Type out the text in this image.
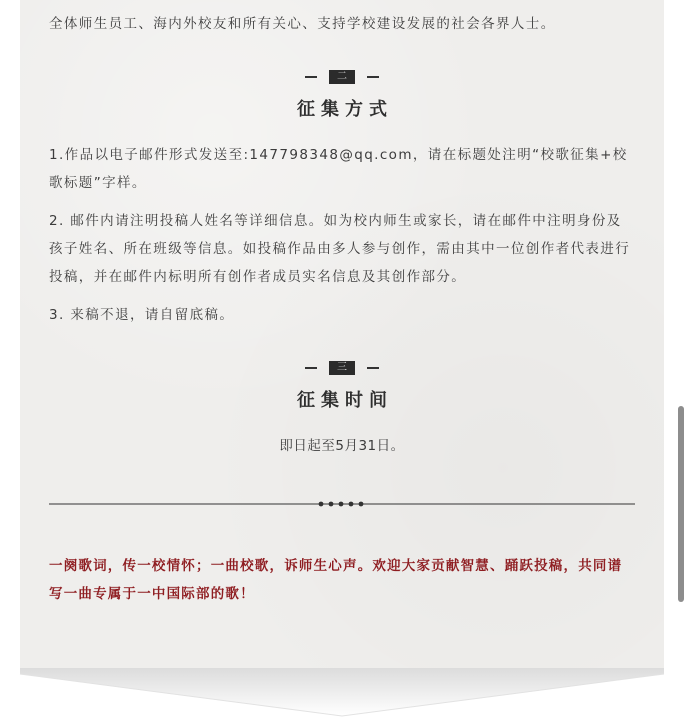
全体师生员工、海内外校友和所有关心、支持学校建设发展的社会各界人士。

二
征集方式

1.作品以电子邮件形式发送至:147798348@qq.com，请在标题处注明“校歌征集+校歌标题”字样。

2. 邮件内请注明投稿人姓名等详细信息。如为校内师生或家长，请在邮件中注明身份及孩子姓名、所在班级等信息。如投稿作品由多人参与创作，需由其中一位创作者代表进行投稿，并在邮件内标明所有创作者成员实名信息及其创作部分。

3. 来稿不退，请自留底稿。

三
征集时间
即日起至5月31日。

一阕歌词，传一校情怀；一曲校歌，诉师生心声。欢迎大家贡献智慧、踊跃投稿，共同谱写一曲专属于一中国际部的歌！
